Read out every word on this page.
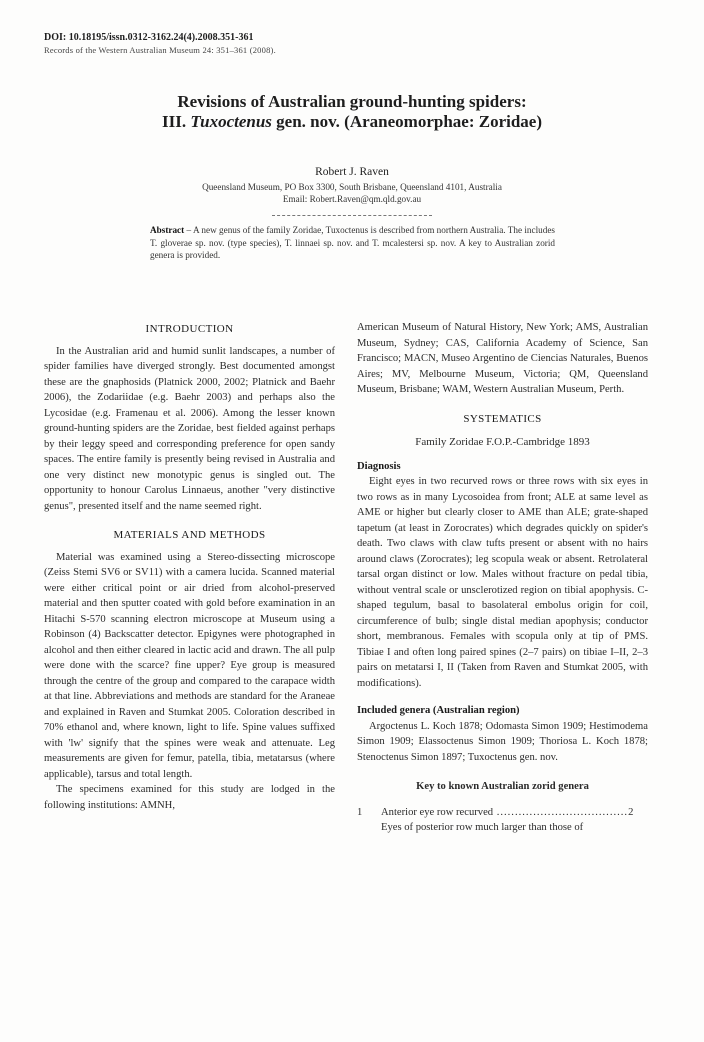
DOI: 10.18195/issn.0312-3162.24(4).2008.351-361
Records of the Western Australian Museum 24: 351–361 (2008).
Revisions of Australian ground-hunting spiders:
III. Tuxoctenus gen. nov. (Araneomorphae: Zoridae)
Robert J. Raven
Queensland Museum, PO Box 3300, South Brisbane, Queensland 4101, Australia
Email: Robert.Raven@qm.qld.gov.au
Abstract – A new genus of the family Zoridae, Tuxoctenus is described from northern Australia. The includes T. gloverae sp. nov. (type species), T. linnaei sp. nov. and T. mcalestersi sp. nov. A key to Australian zorid genera is provided.
INTRODUCTION

In the Australian arid and humid sunlit landscapes, a number of spider families have diverged strongly. Best documented amongst these are the gnaphosids (Platnick 2000, 2002; Platnick and Baehr 2006), the Zodariidae (e.g. Baehr 2003) and perhaps also the Lycosidae (e.g. Framenau et al. 2006). Among the lesser known ground-hunting spiders are the Zoridae, best fielded against perhaps by their leggy speed and corresponding preference for open sandy spaces. The entire family is presently being revised in Australia and one very distinct new monotypic genus is singled out. The opportunity to honour Carolus Linnaeus, another "very distinctive genus", presented itself and the name seemed right.

MATERIALS AND METHODS

Material was examined using a Stereo-dissecting microscope (Zeiss Stemi SV6 or SV11) with a camera lucida. Scanned material were either critical point or air dried from alcohol-preserved material and then sputter coated with gold before examination in an Hitachi S-570 scanning electron microscope at Museum using a Robinson (4) Backscatter detector. Epigynes were photographed in alcohol and then either cleared in lactic acid and drawn. The all pulp were done with the scarce? fine upper? Eye group is measured through the centre of the group and compared to the carapace width at that line. Abbreviations and methods are standard for the Araneae and explained in Raven and Stumkat 2005. Coloration described in 70% ethanol and, where known, light to life. Spine values suffixed with 'lw' signify that the spines were weak and attenuate. Leg measurements are given for femur, patella, tibia, metatarsus (where applicable), tarsus and total length.

The specimens examined for this study are lodged in the following institutions: AMNH,

American Museum of Natural History, New York; AMS, Australian Museum, Sydney; CAS, California Academy of Science, San Francisco; MACN, Museo Argentino de Ciencias Naturales, Buenos Aires; MV, Melbourne Museum, Victoria; QM, Queensland Museum, Brisbane; WAM, Western Australian Museum, Perth.

SYSTEMATICS
Family Zoridae F.O.P.-Cambridge 1893
Diagnosis

Eight eyes in two recurved rows or three rows with six eyes in two rows as in many Lycosoidea from front; ALE at same level as AME or higher but clearly closer to AME than ALE; grate-shaped tapetum (at least in Zorocrates) which degrades quickly on spider's death. Two claws with claw tufts present or absent with no hairs around claws (Zorocrates); leg scopula weak or absent. Retrolateral tarsal organ distinct or low. Males without fracture on pedal tibia, without ventral scale or unsclerotized region on tibial apophysis. C-shaped tegulum, basal to basolateral embolus origin for coil, circumference of bulb; single distal median apophysis; conductor short, membranous. Females with scopula only at tip of PMS. Tibiae I and often long paired spines (2–7 pairs) on tibiae I–II, 2–3 pairs on metatarsi I, II (Taken from Raven and Stumkat 2005, with modifications).

Included genera (Australian region)

Argoctenus L. Koch 1878; Odomasta Simon 1909; Hestimodema Simon 1909; Elassoctenus Simon 1909; Thoriosa L. Koch 1878; Stenoctenus Simon 1897; Tuxoctenus gen. nov.

Key to known Australian zorid genera
1	Anterior eye row recurved ....................................2
Eyes of posterior row much larger than those of
